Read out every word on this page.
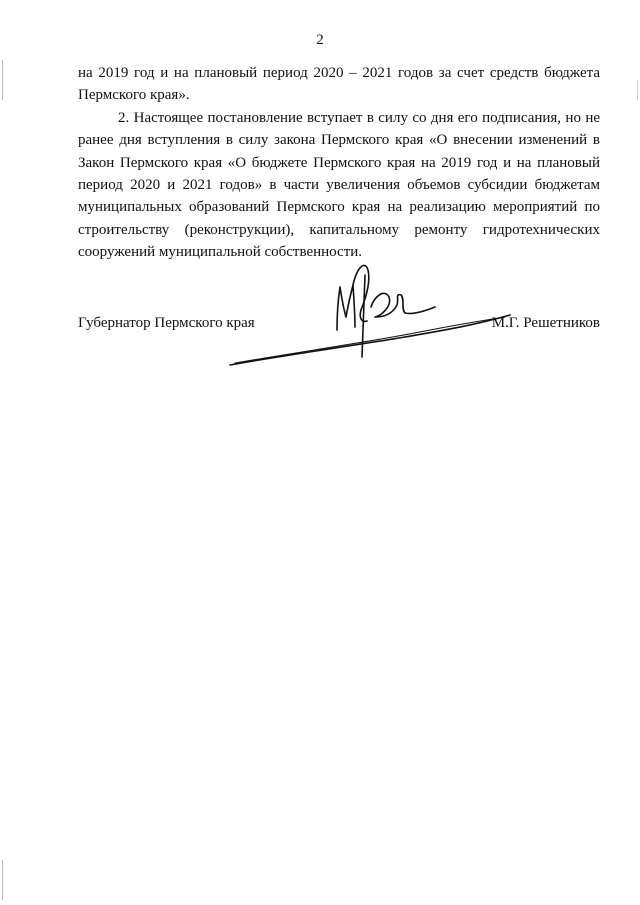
2

на 2019 год и на плановый период 2020 – 2021 годов за счет средств бюджета Пермского края».

2. Настоящее постановление вступает в силу со дня его подписания, но не ранее дня вступления в силу закона Пермского края «О внесении изменений в Закон Пермского края «О бюджете Пермского края на 2019 год и на плановый период 2020 и 2021 годов» в части увеличения объемов субсидии бюджетам муниципальных образований Пермского края на реализацию мероприятий по строительству (реконструкции), капитальному ремонту гидротехнических сооружений муниципальной собственности.

Губернатор Пермского края	М.Г. Решетников
